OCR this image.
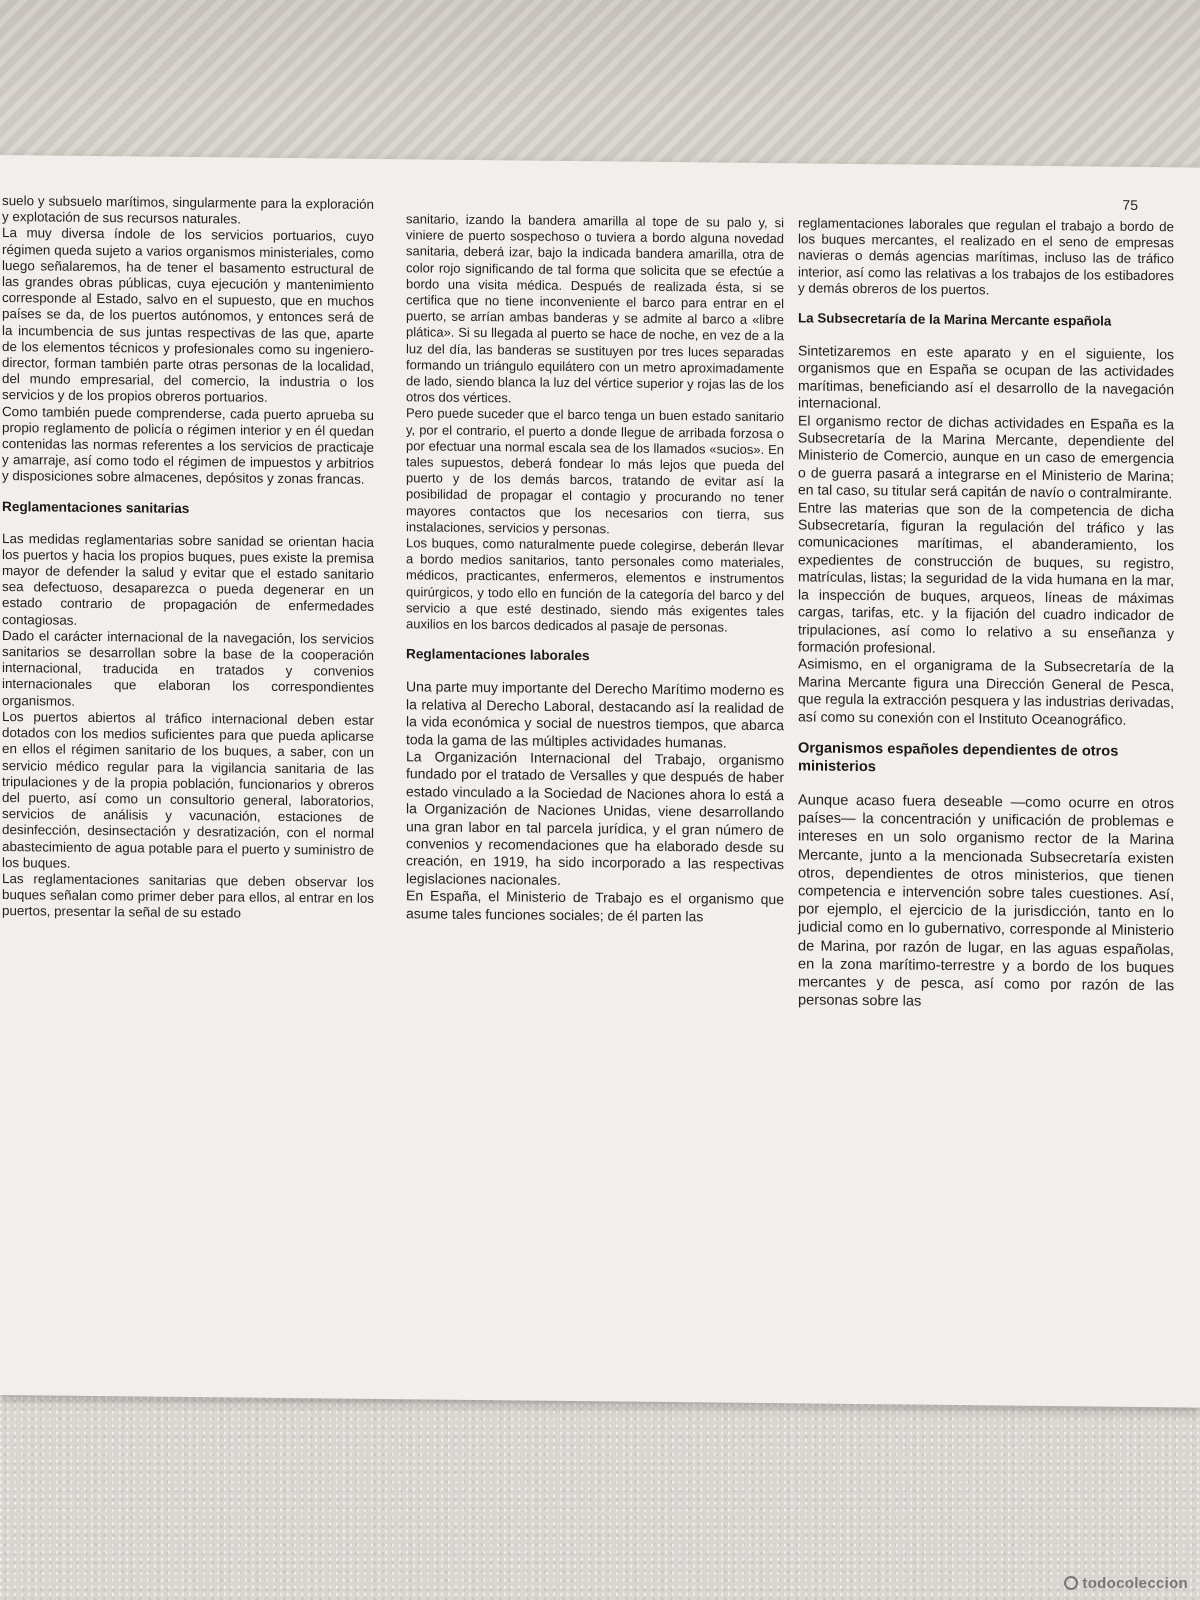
75

suelo y subsuelo marítimos, singularmente para la exploración y explotación de sus recursos naturales.

La muy diversa índole de los servicios portuarios, cuyo régimen queda sujeto a varios organismos ministeriales, como luego señalaremos, ha de tener el basamento estructural de las grandes obras públicas, cuya ejecución y mantenimiento corresponde al Estado, salvo en el supuesto, que en muchos países se da, de los puertos autónomos, y entonces será de la incumbencia de sus juntas respectivas de las que, aparte de los elementos técnicos y profesionales como su ingeniero-director, forman también parte otras personas de la localidad, del mundo empresarial, del comercio, la industria o los servicios y de los propios obreros portuarios.

Como también puede comprenderse, cada puerto aprueba su propio reglamento de policía o régimen interior y en él quedan contenidas las normas referentes a los servicios de practicaje y amarraje, así como todo el régimen de impuestos y arbitrios y disposiciones sobre almacenes, depósitos y zonas francas.

Reglamentaciones sanitarias

Las medidas reglamentarias sobre sanidad se orientan hacia los puertos y hacia los propios buques, pues existe la premisa mayor de defender la salud y evitar que el estado sanitario sea defectuoso, desaparezca o pueda degenerar en un estado contrario de propagación de enfermedades contagiosas.

Dado el carácter internacional de la navegación, los servicios sanitarios se desarrollan sobre la base de la cooperación internacional, traducida en tratados y convenios internacionales que elaboran los correspondientes organismos.

Los puertos abiertos al tráfico internacional deben estar dotados con los medios suficientes para que pueda aplicarse en ellos el régimen sanitario de los buques, a saber, con un servicio médico regular para la vigilancia sanitaria de las tripulaciones y de la propia población, funcionarios y obreros del puerto, así como un consultorio general, laboratorios, servicios de análisis y vacunación, estaciones de desinfección, desinsectación y desratización, con el normal abastecimiento de agua potable para el puerto y suministro de los buques.

Las reglamentaciones sanitarias que deben observar los buques señalan como primer deber para ellos, al entrar en los puertos, presentar la señal de su estado

sanitario, izando la bandera amarilla al tope de su palo y, si viniere de puerto sospechoso o tuviera a bordo alguna novedad sanitaria, deberá izar, bajo la indicada bandera amarilla, otra de color rojo significando de tal forma que solicita que se efectúe a bordo una visita médica. Después de realizada ésta, si se certifica que no tiene inconveniente el barco para entrar en el puerto, se arrían ambas banderas y se admite al barco a «libre plática». Si su llegada al puerto se hace de noche, en vez de a la luz del día, las banderas se sustituyen por tres luces separadas formando un triángulo equilátero con un metro aproximadamente de lado, siendo blanca la luz del vértice superior y rojas las de los otros dos vértices.

Pero puede suceder que el barco tenga un buen estado sanitario y, por el contrario, el puerto a donde llegue de arribada forzosa o por efectuar una normal escala sea de los llamados «sucios». En tales supuestos, deberá fondear lo más lejos que pueda del puerto y de los demás barcos, tratando de evitar así la posibilidad de propagar el contagio y procurando no tener mayores contactos que los necesarios con tierra, sus instalaciones, servicios y personas.

Los buques, como naturalmente puede colegirse, deberán llevar a bordo medios sanitarios, tanto personales como materiales, médicos, practicantes, enfermeros, elementos e instrumentos quirúrgicos, y todo ello en función de la categoría del barco y del servicio a que esté destinado, siendo más exigentes tales auxilios en los barcos dedicados al pasaje de personas.

Reglamentaciones laborales

Una parte muy importante del Derecho Marítimo moderno es la relativa al Derecho Laboral, destacando así la realidad de la vida económica y social de nuestros tiempos, que abarca toda la gama de las múltiples actividades humanas.

La Organización Internacional del Trabajo, organismo fundado por el tratado de Versalles y que después de haber estado vinculado a la Sociedad de Naciones ahora lo está a la Organización de Naciones Unidas, viene desarrollando una gran labor en tal parcela jurídica, y el gran número de convenios y recomendaciones que ha elaborado desde su creación, en 1919, ha sido incorporado a las respectivas legislaciones nacionales.

En España, el Ministerio de Trabajo es el organismo que asume tales funciones sociales; de él parten las

reglamentaciones laborales que regulan el trabajo a bordo de los buques mercantes, el realizado en el seno de empresas navieras o demás agencias marítimas, incluso las de tráfico interior, así como las relativas a los trabajos de los estibadores y demás obreros de los puertos.

La Subsecretaría de la Marina Mercante española

Sintetizaremos en este aparato y en el siguiente, los organismos que en España se ocupan de las actividades marítimas, beneficiando así el desarrollo de la navegación internacional.

El organismo rector de dichas actividades en España es la Subsecretaría de la Marina Mercante, dependiente del Ministerio de Comercio, aunque en un caso de emergencia o de guerra pasará a integrarse en el Ministerio de Marina; en tal caso, su titular será capitán de navío o contralmirante.

Entre las materias que son de la competencia de dicha Subsecretaría, figuran la regulación del tráfico y las comunicaciones marítimas, el abanderamiento, los expedientes de construcción de buques, su registro, matrículas, listas; la seguridad de la vida humana en la mar, la inspección de buques, arqueos, líneas de máximas cargas, tarifas, etc. y la fijación del cuadro indicador de tripulaciones, así como lo relativo a su enseñanza y formación profesional.

Asimismo, en el organigrama de la Subsecretaría de la Marina Mercante figura una Dirección General de Pesca, que regula la extracción pesquera y las industrias derivadas, así como su conexión con el Instituto Oceanográfico.

Organismos españoles dependientes de otros ministerios

Aunque acaso fuera deseable —como ocurre en otros países— la concentración y unificación de problemas e intereses en un solo organismo rector de la Marina Mercante, junto a la mencionada Subsecretaría existen otros, dependientes de otros ministerios, que tienen competencia e intervención sobre tales cuestiones. Así, por ejemplo, el ejercicio de la jurisdicción, tanto en lo judicial como en lo gubernativo, corresponde al Ministerio de Marina, por razón de lugar, en las aguas españolas, en la zona marítimo-terrestre y a bordo de los buques mercantes y de pesca, así como por razón de las personas sobre las

todocoleccion
